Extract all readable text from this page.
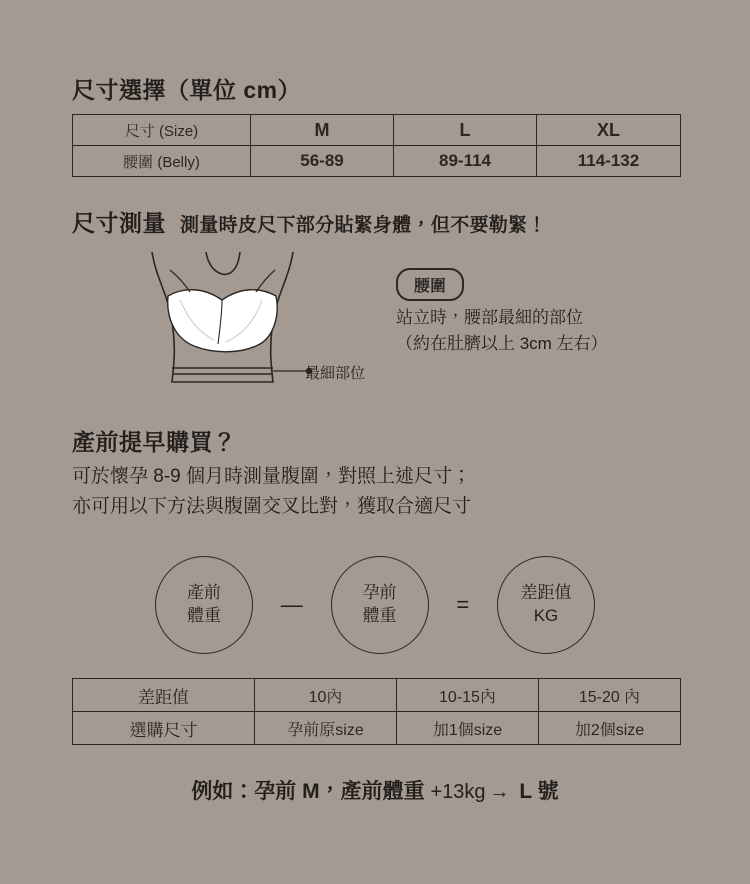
尺寸選擇（單位 cm）
尺寸 (Size)	M	L	XL
腰圍 (Belly)	56-89	89-114	114-132
尺寸測量 測量時皮尺下部分貼緊身體，但不要勒緊！
腰圍
站立時，腰部最細的部位
（約在肚臍以上 3cm 左右）
最細部位
產前提早購買？
可於懷孕 8-9 個月時測量腹圍，對照上述尺寸；
亦可用以下方法與腹圍交叉比對，獲取合適尺寸
產前
體重	—	孕前
體重	=	差距值
KG
差距值	10內	10-15內	15-20 內
選購尺寸	孕前原size	加1個size	加2個size
例如：孕前 M，產前體重 +13kg → L 號
